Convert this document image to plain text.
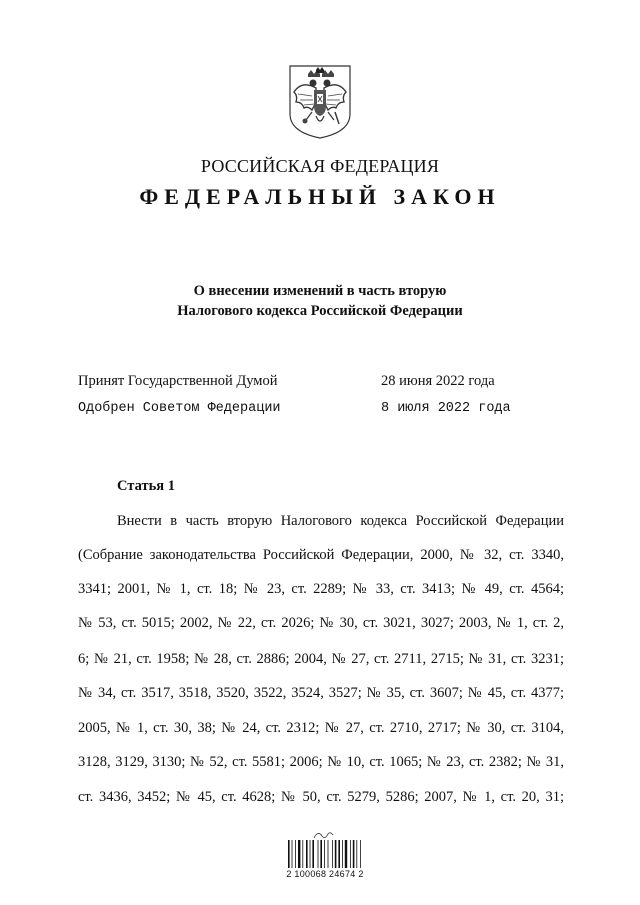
РОССИЙСКАЯ ФЕДЕРАЦИЯ
ФЕДЕРАЛЬНЫЙ ЗАКОН
О внесении изменений в часть вторую
Налогового кодекса Российской Федерации
Принят Государственной Думой	28 июня 2022 года
Одобрен Советом Федерации	8 июля 2022 года
Статья 1
Внести в часть вторую Налогового кодекса Российской Федерации
(Собрание законодательства Российской Федерации, 2000, № 32, ст. 3340,
3341; 2001, № 1, ст. 18; № 23, ст. 2289; № 33, ст. 3413; № 49, ст. 4564;
№ 53, ст. 5015; 2002, № 22, ст. 2026; № 30, ст. 3021, 3027; 2003, № 1, ст. 2,
6; № 21, ст. 1958; № 28, ст. 2886; 2004, № 27, ст. 2711, 2715; № 31, ст. 3231;
№ 34, ст. 3517, 3518, 3520, 3522, 3524, 3527; № 35, ст. 3607; № 45, ст. 4377;
2005, № 1, ст. 30, 38; № 24, ст. 2312; № 27, ст. 2710, 2717; № 30, ст. 3104,
3128, 3129, 3130; № 52, ст. 5581; 2006; № 10, ст. 1065; № 23, ст. 2382; № 31,
ст. 3436, 3452; № 45, ст. 4628; № 50, ст. 5279, 5286; 2007, № 1, ст. 20, 31;
2 100068 24674 2
